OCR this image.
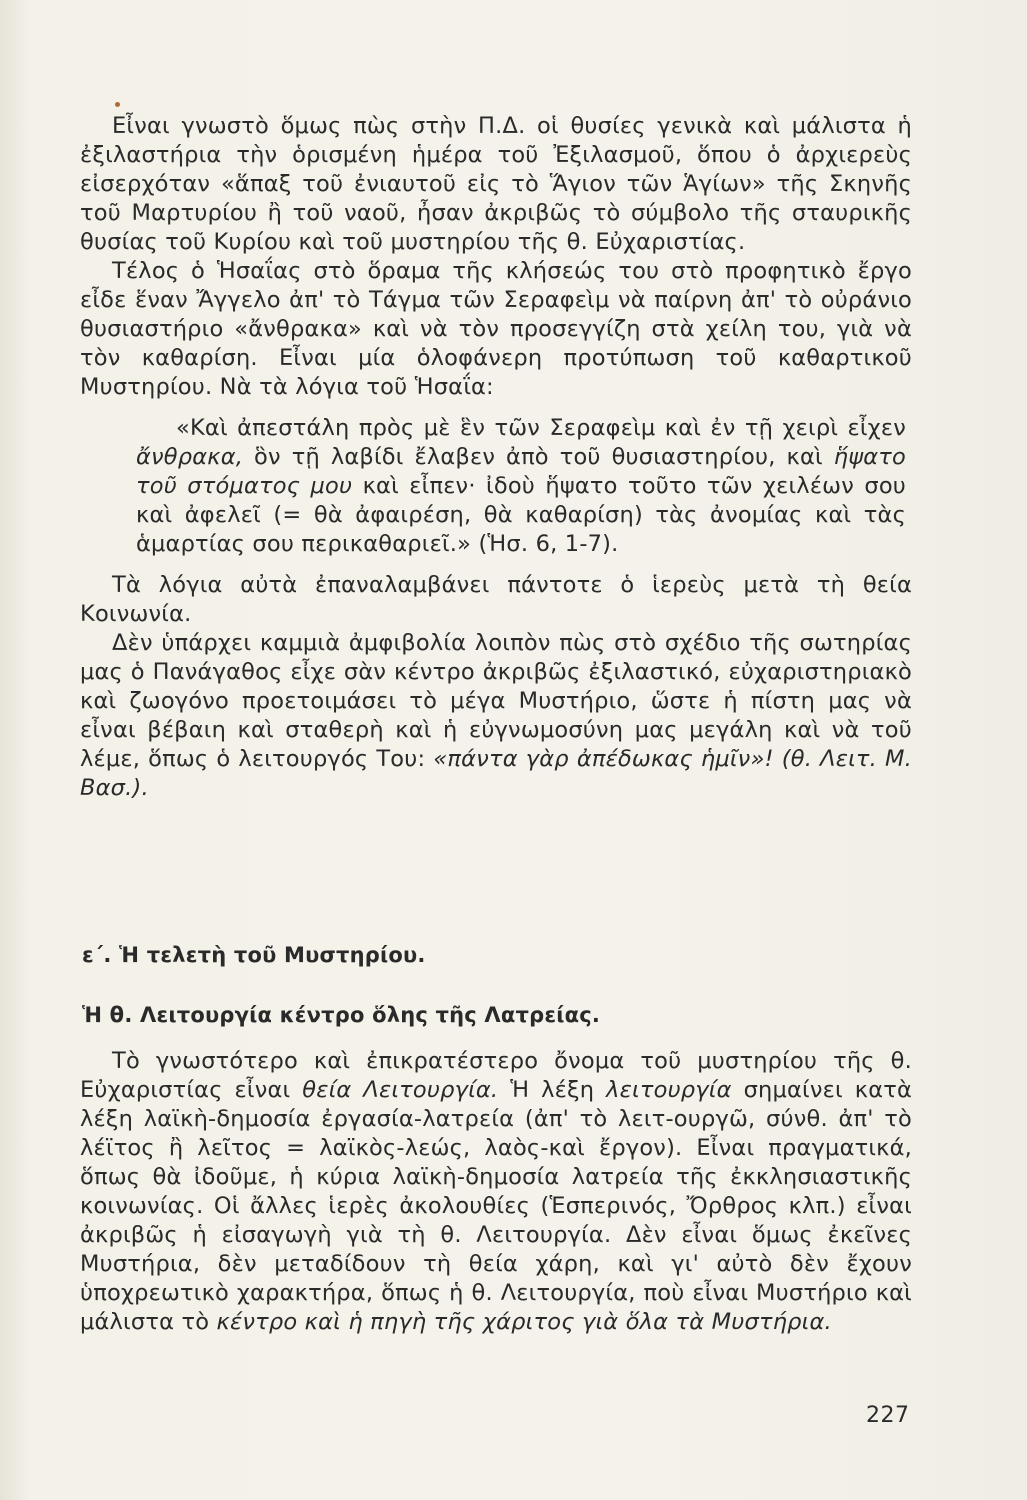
Εἶναι γνωστὸ ὅμως πὼς στὴν Π.Δ. οἱ θυσίες γενικὰ καὶ μάλιστα ἡ ἐξιλαστήρια τὴν ὁρισμένη ἡμέρα τοῦ Ἐξιλασμοῦ, ὅπου ὁ ἀρχιερεὺς εἰσερχόταν «ἅπαξ τοῦ ἐνιαυτοῦ εἰς τὸ Ἅγιον τῶν Ἁγίων» τῆς Σκηνῆς τοῦ Μαρτυρίου ἢ τοῦ ναοῦ, ἦσαν ἀκριβῶς τὸ σύμβολο τῆς σταυρικῆς θυσίας τοῦ Κυρίου καὶ τοῦ μυστηρίου τῆς θ. Εὐχαριστίας.

Τέλος ὁ Ἡσαΐας στὸ ὅραμα τῆς κλήσεώς του στὸ προφητικὸ ἔργο εἶδε ἕναν Ἄγγελο ἀπ' τὸ Τάγμα τῶν Σεραφεὶμ νὰ παίρνη ἀπ' τὸ οὐράνιο θυσιαστήριο «ἄνθρακα» καὶ νὰ τὸν προσεγγίζη στὰ χείλη του, γιὰ νὰ τὸν καθαρίση. Εἶναι μία ὁλοφάνερη προτύπωση τοῦ καθαρτικοῦ Μυστηρίου. Νὰ τὰ λόγια τοῦ Ἡσαΐα:

«Καὶ ἀπεστάλη πρὸς μὲ ἓν τῶν Σεραφεὶμ καὶ ἐν τῇ χειρὶ εἶχεν ἄνθρακα, ὃν τῇ λαβίδι ἔλαβεν ἀπὸ τοῦ θυσιαστηρίου, καὶ ἥψατο τοῦ στόματος μου καὶ εἶπεν· ἰδοὺ ἥψατο τοῦτο τῶν χειλέων σου καὶ ἀφελεῖ (= θὰ ἀφαιρέση, θὰ καθαρίση) τὰς ἀνομίας καὶ τὰς ἁμαρτίας σου περικαθαριεῖ.» (Ἡσ. 6, 1-7).

Τὰ λόγια αὐτὰ ἐπαναλαμβάνει πάντοτε ὁ ἱερεὺς μετὰ τὴ θεία Κοινωνία.

Δὲν ὑπάρχει καμμιὰ ἀμφιβολία λοιπὸν πὼς στὸ σχέδιο τῆς σωτηρίας μας ὁ Πανάγαθος εἶχε σὰν κέντρο ἀκριβῶς ἐξιλαστικό, εὐχαριστηριακὸ καὶ ζωογόνο προετοιμάσει τὸ μέγα Μυστήριο, ὥστε ἡ πίστη μας νὰ εἶναι βέβαιη καὶ σταθερὴ καὶ ἡ εὐγνωμοσύνη μας μεγάλη καὶ νὰ τοῦ λέμε, ὅπως ὁ λειτουργός Του: «πάντα γὰρ ἀπέδωκας ἡμῖν»! (θ. Λειτ. Μ. Βασ.).

ε΄. Ἡ τελετὴ τοῦ Μυστηρίου.
Ἡ θ. Λειτουργία κέντρο ὅλης τῆς Λατρείας.

Τὸ γνωστότερο καὶ ἐπικρατέστερο ὄνομα τοῦ μυστηρίου τῆς θ. Εὐχαριστίας εἶναι θεία Λειτουργία. Ἡ λέξη λειτουργία σημαίνει κατὰ λέξη λαϊκὴ-δημοσία ἐργασία-λατρεία (ἀπ' τὸ λειτ-ουργῶ, σύνθ. ἀπ' τὸ λέϊτος ἢ λεῖτος = λαϊκὸς-λεώς, λαὸς-καὶ ἔργον). Εἶναι πραγματικά, ὅπως θὰ ἰδοῦμε, ἡ κύρια λαϊκὴ-δημοσία λατρεία τῆς ἐκκλησιαστικῆς κοινωνίας. Οἱ ἄλλες ἱερὲς ἀκολουθίες (Ἑσπερινός, Ὄρθρος κλπ.) εἶναι ἀκριβῶς ἡ εἰσαγωγὴ γιὰ τὴ θ. Λειτουργία. Δὲν εἶναι ὅμως ἐκεῖνες Μυστήρια, δὲν μεταδίδουν τὴ θεία χάρη, καὶ γι' αὐτὸ δὲν ἔχουν ὑποχρεωτικὸ χαρακτήρα, ὅπως ἡ θ. Λειτουργία, ποὺ εἶναι Μυστήριο καὶ μάλιστα τὸ κέντρο καὶ ἡ πηγὴ τῆς χάριτος γιὰ ὅλα τὰ Μυστήρια.

227
